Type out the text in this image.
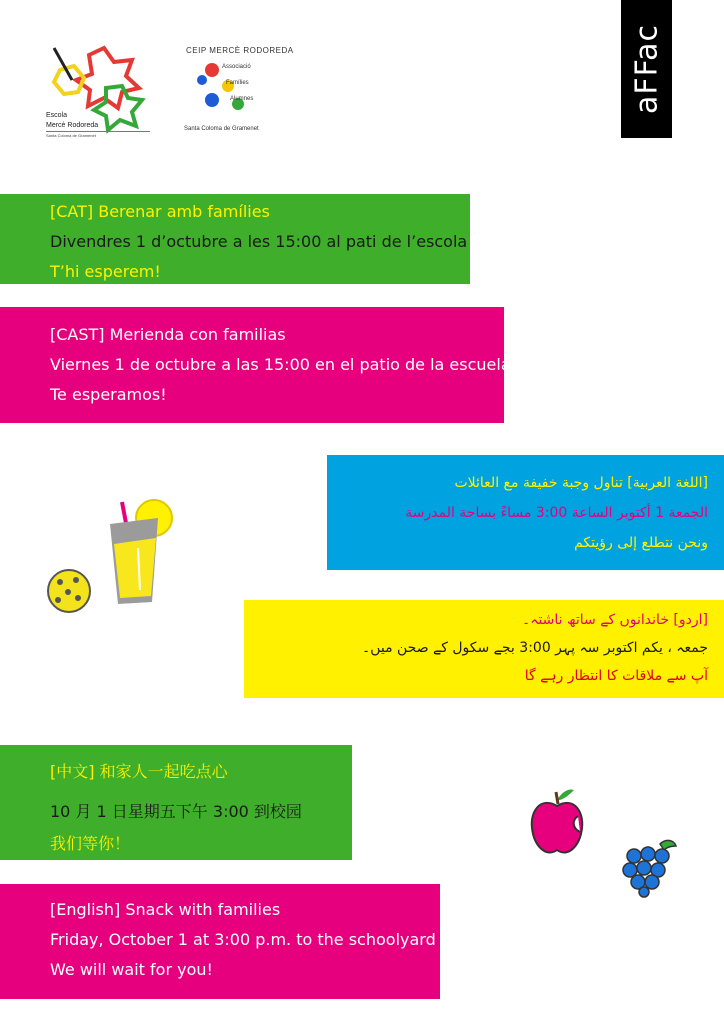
Escola
Mercè Rodoreda
Santa Coloma de Gramenet
CEIP MERCÈ RODOREDA
Associació
Famílies
Alumnes
Santa Coloma de Gramenet
aFFac
[CAT] Berenar amb famílies
Divendres 1 d’octubre a les 15:00 al pati de l’escola
T’hi esperem!
[CAST] Merienda con familias
Viernes 1 de octubre a las 15:00 en el patio de la escuela
Te esperamos!
[اللغة العربية] تناول وجبة خفيفة مع العائلات
الجمعة 1 أكتوبر الساعة 3:00 مساءً بساحة المدرسة
ونحن نتطلع إلى رؤيتكم
[اردو] خاندانوں کے ساتھ ناشتہ۔
جمعہ ، یکم اکتوبر سہ پہر 3:00 بجے سکول کے صحن میں۔
آپ سے ملاقات کا انتظار رہے گا
[中文] 和家人一起吃点心
10 月 1 日星期五下午 3:00 到校园
我们等你！
[English] Snack with families
Friday, October 1 at 3:00 p.m. to the schoolyard
We will wait for you!
